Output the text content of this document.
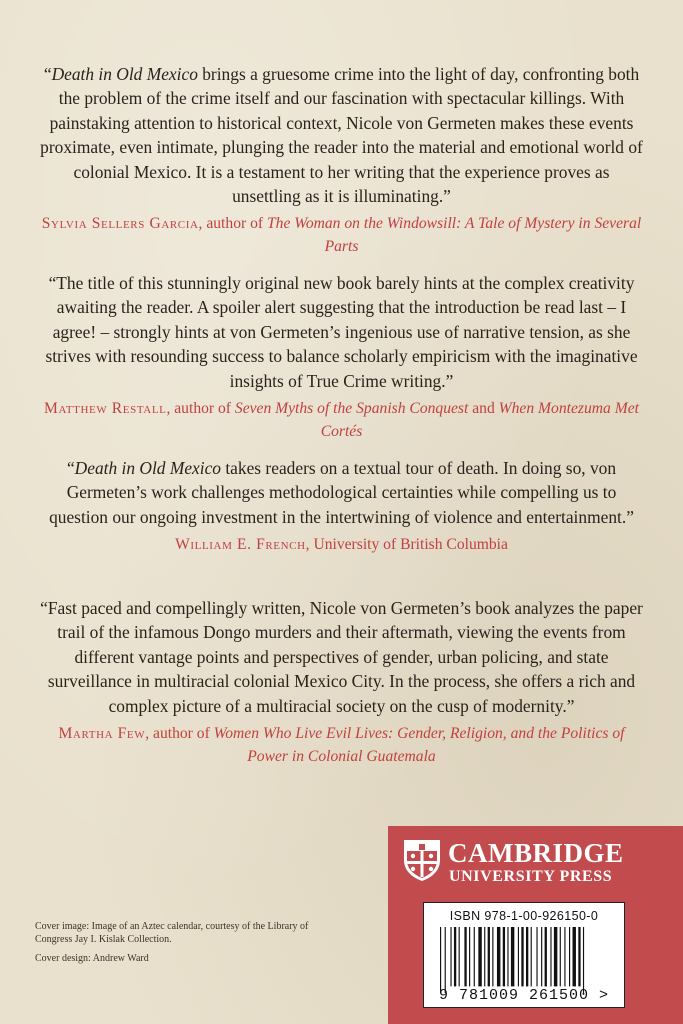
“Death in Old Mexico brings a gruesome crime into the light of day, confronting both the problem of the crime itself and our fascination with spectacular killings. With painstaking attention to historical context, Nicole von Germeten makes these events proximate, even intimate, plunging the reader into the material and emotional world of colonial Mexico. It is a testament to her writing that the experience proves as unsettling as it is illuminating.”

Sylvia Sellers Garcia, author of The Woman on the Windowsill: A Tale of Mystery in Several Parts

“The title of this stunningly original new book barely hints at the complex creativity awaiting the reader. A spoiler alert suggesting that the introduction be read last – I agree! – strongly hints at von Germeten’s ingenious use of narrative tension, as she strives with resounding success to balance scholarly empiricism with the imaginative insights of True Crime writing.”

Matthew Restall, author of Seven Myths of the Spanish Conquest and When Montezuma Met Cortés

“Death in Old Mexico takes readers on a textual tour of death. In doing so, von Germeten’s work challenges methodological certainties while compelling us to question our ongoing investment in the intertwining of violence and entertainment.”

William E. French, University of British Columbia

“Fast paced and compellingly written, Nicole von Germeten’s book analyzes the paper trail of the infamous Dongo murders and their aftermath, viewing the events from different vantage points and perspectives of gender, urban policing, and state surveillance in multiracial colonial Mexico City. In the process, she offers a rich and complex picture of a multiracial society on the cusp of modernity.”

Martha Few, author of Women Who Live Evil Lives: Gender, Religion, and the Politics of Power in Colonial Guatemala

Cover image: Image of an Aztec calendar, courtesy of the Library of Congress Jay I. Kislak Collection.

Cover design: Andrew Ward

CAMBRIDGE
UNIVERSITY PRESS
ISBN 978-1-00-926150-0
9 781009 261500 >
